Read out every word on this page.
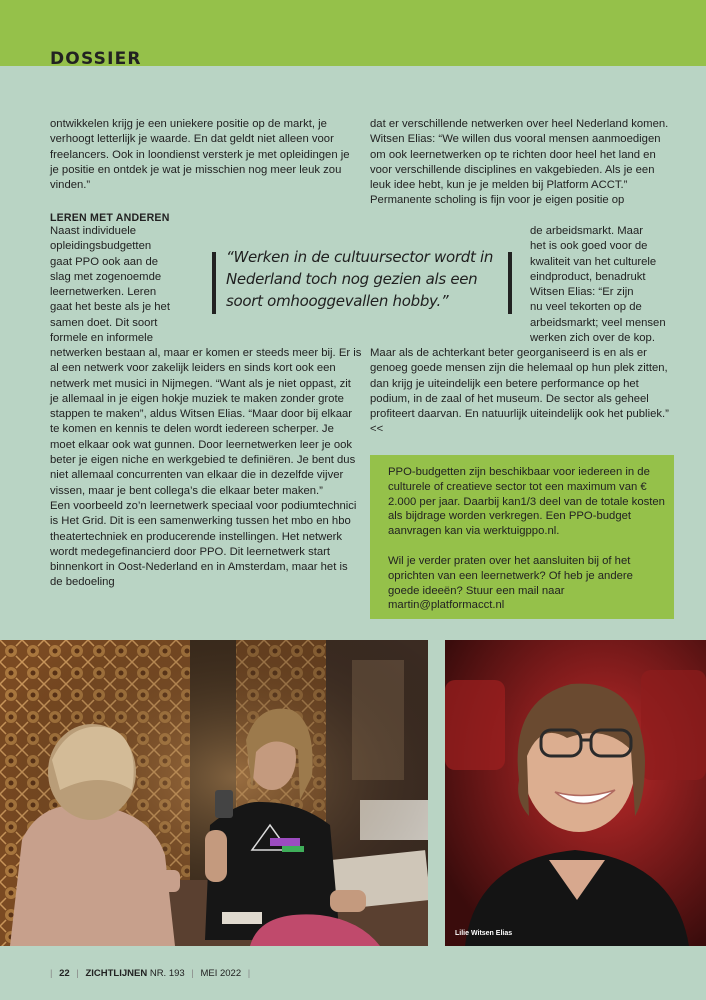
DOSSIER

ontwikkelen krijg je een uniekere positie op de markt, je verhoogt letterlijk je waarde. En dat geldt niet alleen voor freelancers. Ook in loondienst versterk je met opleidingen je je positie en ontdek je wat je misschien nog meer leuk zou vinden.”

LEREN MET ANDEREN

Naast individuele
opleidingsbudgetten
gaat PPO ook aan de
slag met zogenoemde
leernetwerken. Leren
gaat het beste als je het
samen doet. Dit soort
formele en informele

netwerken bestaan al, maar er komen er steeds meer bij. Er is al een netwerk voor zakelijk leiders en sinds kort ook een netwerk met musici in Nijmegen. “Want als je niet oppast, zit je allemaal in je eigen hokje muziek te maken zonder grote stappen te maken”, aldus Witsen Elias. “Maar door bij elkaar te komen en kennis te delen wordt iedereen scherper. Je moet elkaar ook wat gunnen. Door leernetwerken leer je ook beter je eigen niche en werkgebied te definiëren. Je bent dus niet allemaal concurrenten van elkaar die in dezelfde vijver vissen, maar je bent collega’s die elkaar beter maken.”
Een voorbeeld zo’n leernetwerk speciaal voor podiumtechnici is Het Grid. Dit is een samenwerking tussen het mbo en hbo theatertechniek en producerende instellingen. Het netwerk wordt medegefinancierd door PPO. Dit leernetwerk start binnenkort in Oost-Nederland en in Amsterdam, maar het is de bedoeling

dat er verschillende netwerken over heel Nederland komen. Witsen Elias: “We willen dus vooral mensen aanmoedigen om ook leernetwerken op te richten door heel het land en voor verschillende disciplines en vakgebieden. Als je een leuk idee hebt, kun je je melden bij Platform ACCT.”
Permanente scholing is fijn voor je eigen positie op

de arbeidsmarkt. Maar
het is ook goed voor de
kwaliteit van het culturele
eindproduct, benadrukt
Witsen Elias: “Er zijn
nu veel tekorten op de
arbeidsmarkt; veel mensen
werken zich over de kop.

Maar als de achterkant beter georganiseerd is en als er genoeg goede mensen zijn die helemaal op hun plek zitten, dan krijg je uiteindelijk een betere performance op het podium, in de zaal of het museum. De sector als geheel profiteert daarvan. En natuurlijk uiteindelijk ook het publiek.” <<

“Werken in de cultuursector wordt in Nederland toch nog gezien als een soort omhooggevallen hobby.”

PPO-budgetten zijn beschikbaar voor iedereen in de culturele of creatieve sector tot een maximum van € 2.000 per jaar. Daarbij kan1/3 deel van de totale kosten als bijdrage worden verkregen. Een PPO-budget aanvragen kan via werktuigppo.nl.

Wil je verder praten over het aansluiten bij of het oprichten van een leernetwerk? Of heb je andere goede ideeën? Stuur een mail naar martin@platformacct.nl

Lilie Witsen Elias
| 22 | ZICHTLIJNEN NR. 193 | MEI 2022 |
